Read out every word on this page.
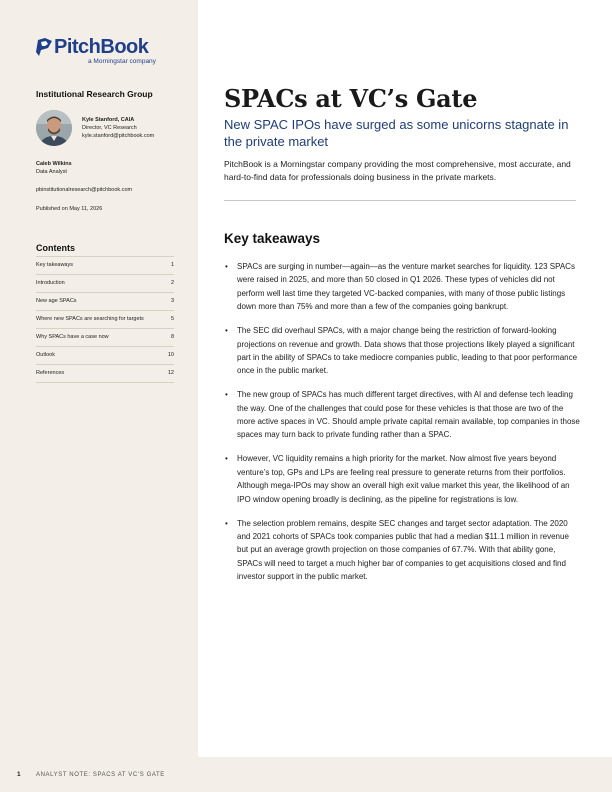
PitchBook
a Morningstar company
Institutional Research Group
Kyle Stanford, CAIA
Director, VC Research
kyle.stanford@pitchbook.com
Caleb Wilkins
Data Analyst
pbinstitutionalresearch@pitchbook.com
Published on May 11, 2026
Contents
Key takeaways	1
Introduction	2
New age SPACs	3
Where new SPACs are searching for targets	5
Why SPACs have a case now	8
Outlook	10
References	12
SPACs at VC’s Gate
New SPAC IPOs have surged as some unicorns stagnate in the private market

PitchBook is a Morningstar company providing the most comprehensive, most accurate, and hard-to-find data for professionals doing business in the private markets.

Key takeaways
• SPACs are surging in number—again—as the venture market searches for liquidity. 123 SPACs were raised in 2025, and more than 50 closed in Q1 2026. These types of vehicles did not perform well last time they targeted VC-backed companies, with many of those public listings down more than 75% and more than a few of the companies going bankrupt.
• The SEC did overhaul SPACs, with a major change being the restriction of forward-looking projections on revenue and growth. Data shows that those projections likely played a significant part in the ability of SPACs to take mediocre companies public, leading to that poor performance once in the public market.
• The new group of SPACs has much different target directives, with AI and defense tech leading the way. One of the challenges that could pose for these vehicles is that those are two of the more active spaces in VC. Should ample private capital remain available, top companies in those spaces may turn back to private funding rather than a SPAC.
• However, VC liquidity remains a high priority for the market. Now almost five years beyond venture’s top, GPs and LPs are feeling real pressure to generate returns from their portfolios. Although mega-IPOs may show an overall high exit value market this year, the likelihood of an IPO window opening broadly is declining, as the pipeline for registrations is low.
• The selection problem remains, despite SEC changes and target sector adaptation. The 2020 and 2021 cohorts of SPACs took companies public that had a median $11.1 million in revenue but put an average growth projection on those companies of 67.7%. With that ability gone, SPACs will need to target a much higher bar of companies to get acquisitions closed and find investor support in the public market.
1	ANALYST NOTE: SPACS AT VC’S GATE
